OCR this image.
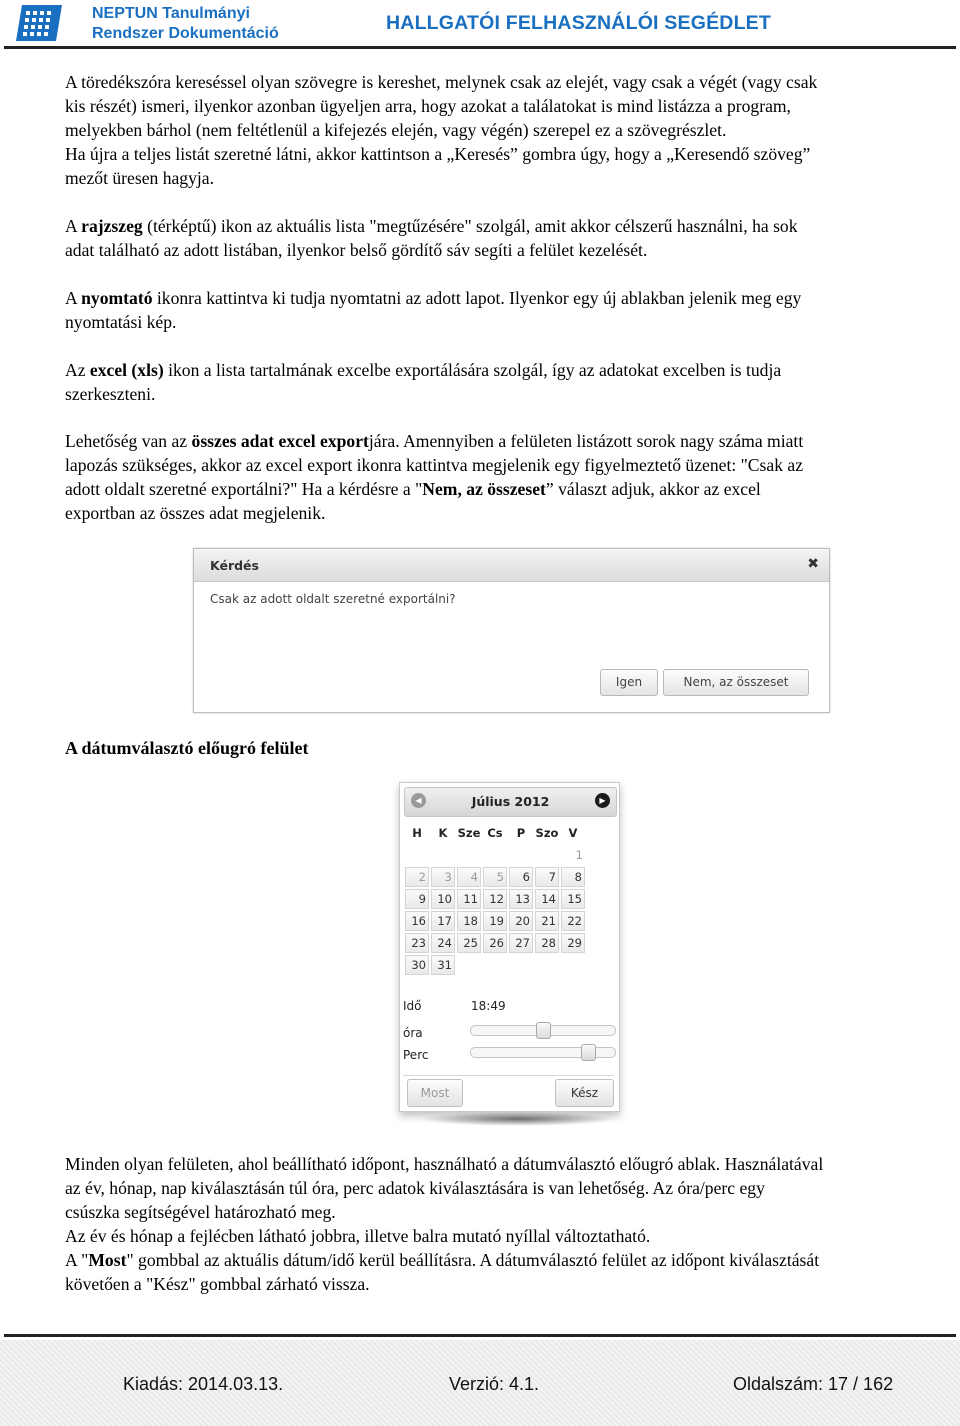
NEPTUN Tanulmányi
Rendszer Dokumentáció	HALLGATÓI FELHASZNÁLÓI SEGÉDLET

A töredékszóra kereséssel olyan szövegre is kereshet, melynek csak az elejét, vagy csak a végét (vagy csak
kis részét) ismeri, ilyenkor azonban ügyeljen arra, hogy azokat a találatokat is mind listázza a program,
melyekben bárhol (nem feltétlenül a kifejezés elején, vagy végén) szerepel ez a szövegrészlet.
Ha újra a teljes listát szeretné látni, akkor kattintson a „Keresés” gombra úgy, hogy a „Keresendő szöveg”
mezőt üresen hagyja.

A rajzszeg (térképtű) ikon az aktuális lista "megtűzésére" szolgál, amit akkor célszerű használni, ha sok
adat található az adott listában, ilyenkor belső gördítő sáv segíti a felület kezelését.

A nyomtató ikonra kattintva ki tudja nyomtatni az adott lapot. Ilyenkor egy új ablakban jelenik meg egy
nyomtatási kép.

Az excel (xls) ikon a lista tartalmának excelbe exportálására szolgál, így az adatokat excelben is tudja
szerkeszteni.

Lehetőség van az összes adat excel exportjára. Amennyiben a felületen listázott sorok nagy száma miatt
lapozás szükséges, akkor az excel export ikonra kattintva megjelenik egy figyelmeztető üzenet: "Csak az
adott oldalt szeretné exportálni?" Ha a kérdésre a "Nem, az összeset” választ adjuk, akkor az excel
exportban az összes adat megjelenik.

Kérdés	✖
Csak az adott oldalt szeretné exportálni?
Igen	Nem, az összeset

A dátumválasztó előugró felület

◀	Július 2012	▶
H	K	Sze	Cs	P	Szo	V
						1
2	3	4	5	6	7	8
9	10	11	12	13	14	15
16	17	18	19	20	21	22
23	24	25	26	27	28	29
30	31					
Idő	18:49
óra
Perc
Most	Kész

Minden olyan felületen, ahol beállítható időpont, használható a dátumválasztó előugró ablak. Használatával
az év, hónap, nap kiválasztásán túl óra, perc adatok kiválasztására is van lehetőség. Az óra/perc egy
csúszka segítségével határozható meg.
Az év és hónap a fejlécben látható jobbra, illetve balra mutató nyíllal változtatható.

A "Most" gombbal az aktuális dátum/idő kerül beállításra. A dátumválasztó felület az időpont kiválasztását
követően a "Kész" gombbal zárható vissza.

Kiadás: 2014.03.13.	Verzió: 4.1.	Oldalszám: 17 / 162
